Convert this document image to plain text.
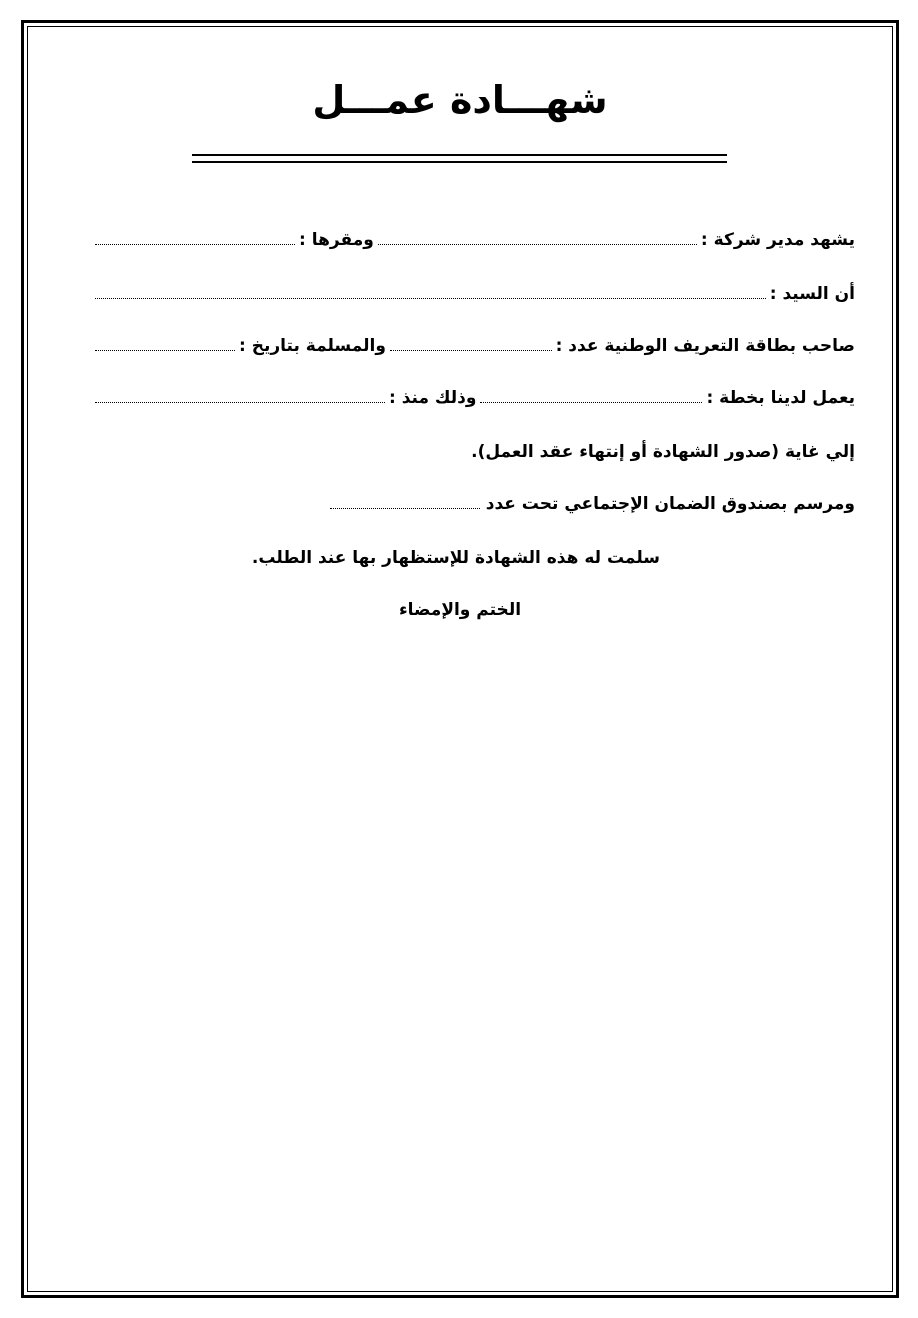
شهـــادة عمـــل
يشهد مدير شركة :
ومقرها :
أن السيد :
صاحب بطاقة التعريف الوطنية عدد :
والمسلمة بتاريخ :
يعمل لدينا بخطة :
وذلك منذ :
إلي غاية (صدور الشهادة أو إنتهاء عقد العمل).
ومرسم بصندوق الضمان الإجتماعي تحت عدد
سلمت له هذه الشهادة للإستظهار بها عند الطلب.
الختم والإمضاء
